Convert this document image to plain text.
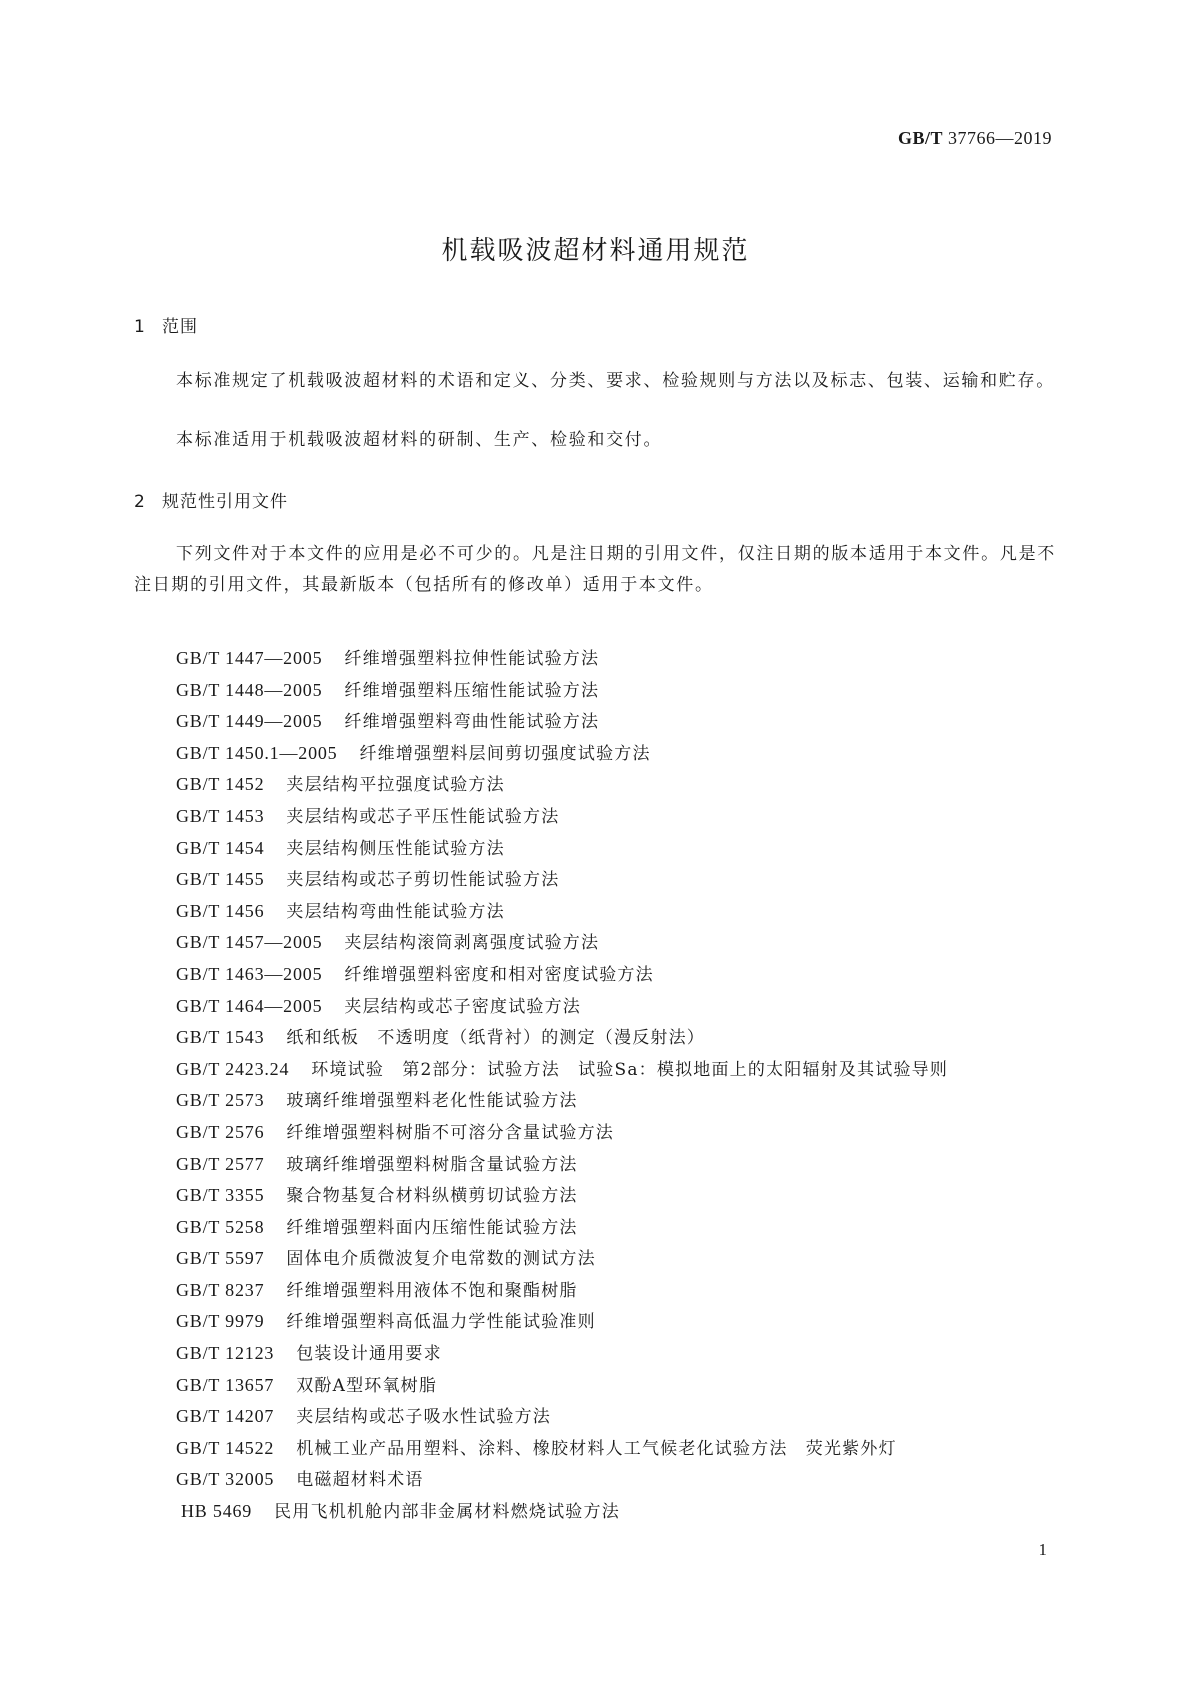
GB/T 37766—2019
机载吸波超材料通用规范
1 范围
本标准规定了机载吸波超材料的术语和定义、分类、要求、检验规则与方法以及标志、包装、运输和贮存。
本标准适用于机载吸波超材料的研制、生产、检验和交付。
2 规范性引用文件
下列文件对于本文件的应用是必不可少的。凡是注日期的引用文件，仅注日期的版本适用于本文件。凡是不注日期的引用文件，其最新版本（包括所有的修改单）适用于本文件。
GB/T 1447—2005 纤维增强塑料拉伸性能试验方法
GB/T 1448—2005 纤维增强塑料压缩性能试验方法
GB/T 1449—2005 纤维增强塑料弯曲性能试验方法
GB/T 1450.1—2005 纤维增强塑料层间剪切强度试验方法
GB/T 1452 夹层结构平拉强度试验方法
GB/T 1453 夹层结构或芯子平压性能试验方法
GB/T 1454 夹层结构侧压性能试验方法
GB/T 1455 夹层结构或芯子剪切性能试验方法
GB/T 1456 夹层结构弯曲性能试验方法
GB/T 1457—2005 夹层结构滚筒剥离强度试验方法
GB/T 1463—2005 纤维增强塑料密度和相对密度试验方法
GB/T 1464—2005 夹层结构或芯子密度试验方法
GB/T 1543 纸和纸板　不透明度（纸背衬）的测定（漫反射法）
GB/T 2423.24 环境试验　第2部分：试验方法　试验Sa：模拟地面上的太阳辐射及其试验导则
GB/T 2573 玻璃纤维增强塑料老化性能试验方法
GB/T 2576 纤维增强塑料树脂不可溶分含量试验方法
GB/T 2577 玻璃纤维增强塑料树脂含量试验方法
GB/T 3355 聚合物基复合材料纵横剪切试验方法
GB/T 5258 纤维增强塑料面内压缩性能试验方法
GB/T 5597 固体电介质微波复介电常数的测试方法
GB/T 8237 纤维增强塑料用液体不饱和聚酯树脂
GB/T 9979 纤维增强塑料高低温力学性能试验准则
GB/T 12123 包装设计通用要求
GB/T 13657 双酚A型环氧树脂
GB/T 14207 夹层结构或芯子吸水性试验方法
GB/T 14522 机械工业产品用塑料、涂料、橡胶材料人工气候老化试验方法　荧光紫外灯
GB/T 32005 电磁超材料术语
HB 5469 民用飞机机舱内部非金属材料燃烧试验方法
1
